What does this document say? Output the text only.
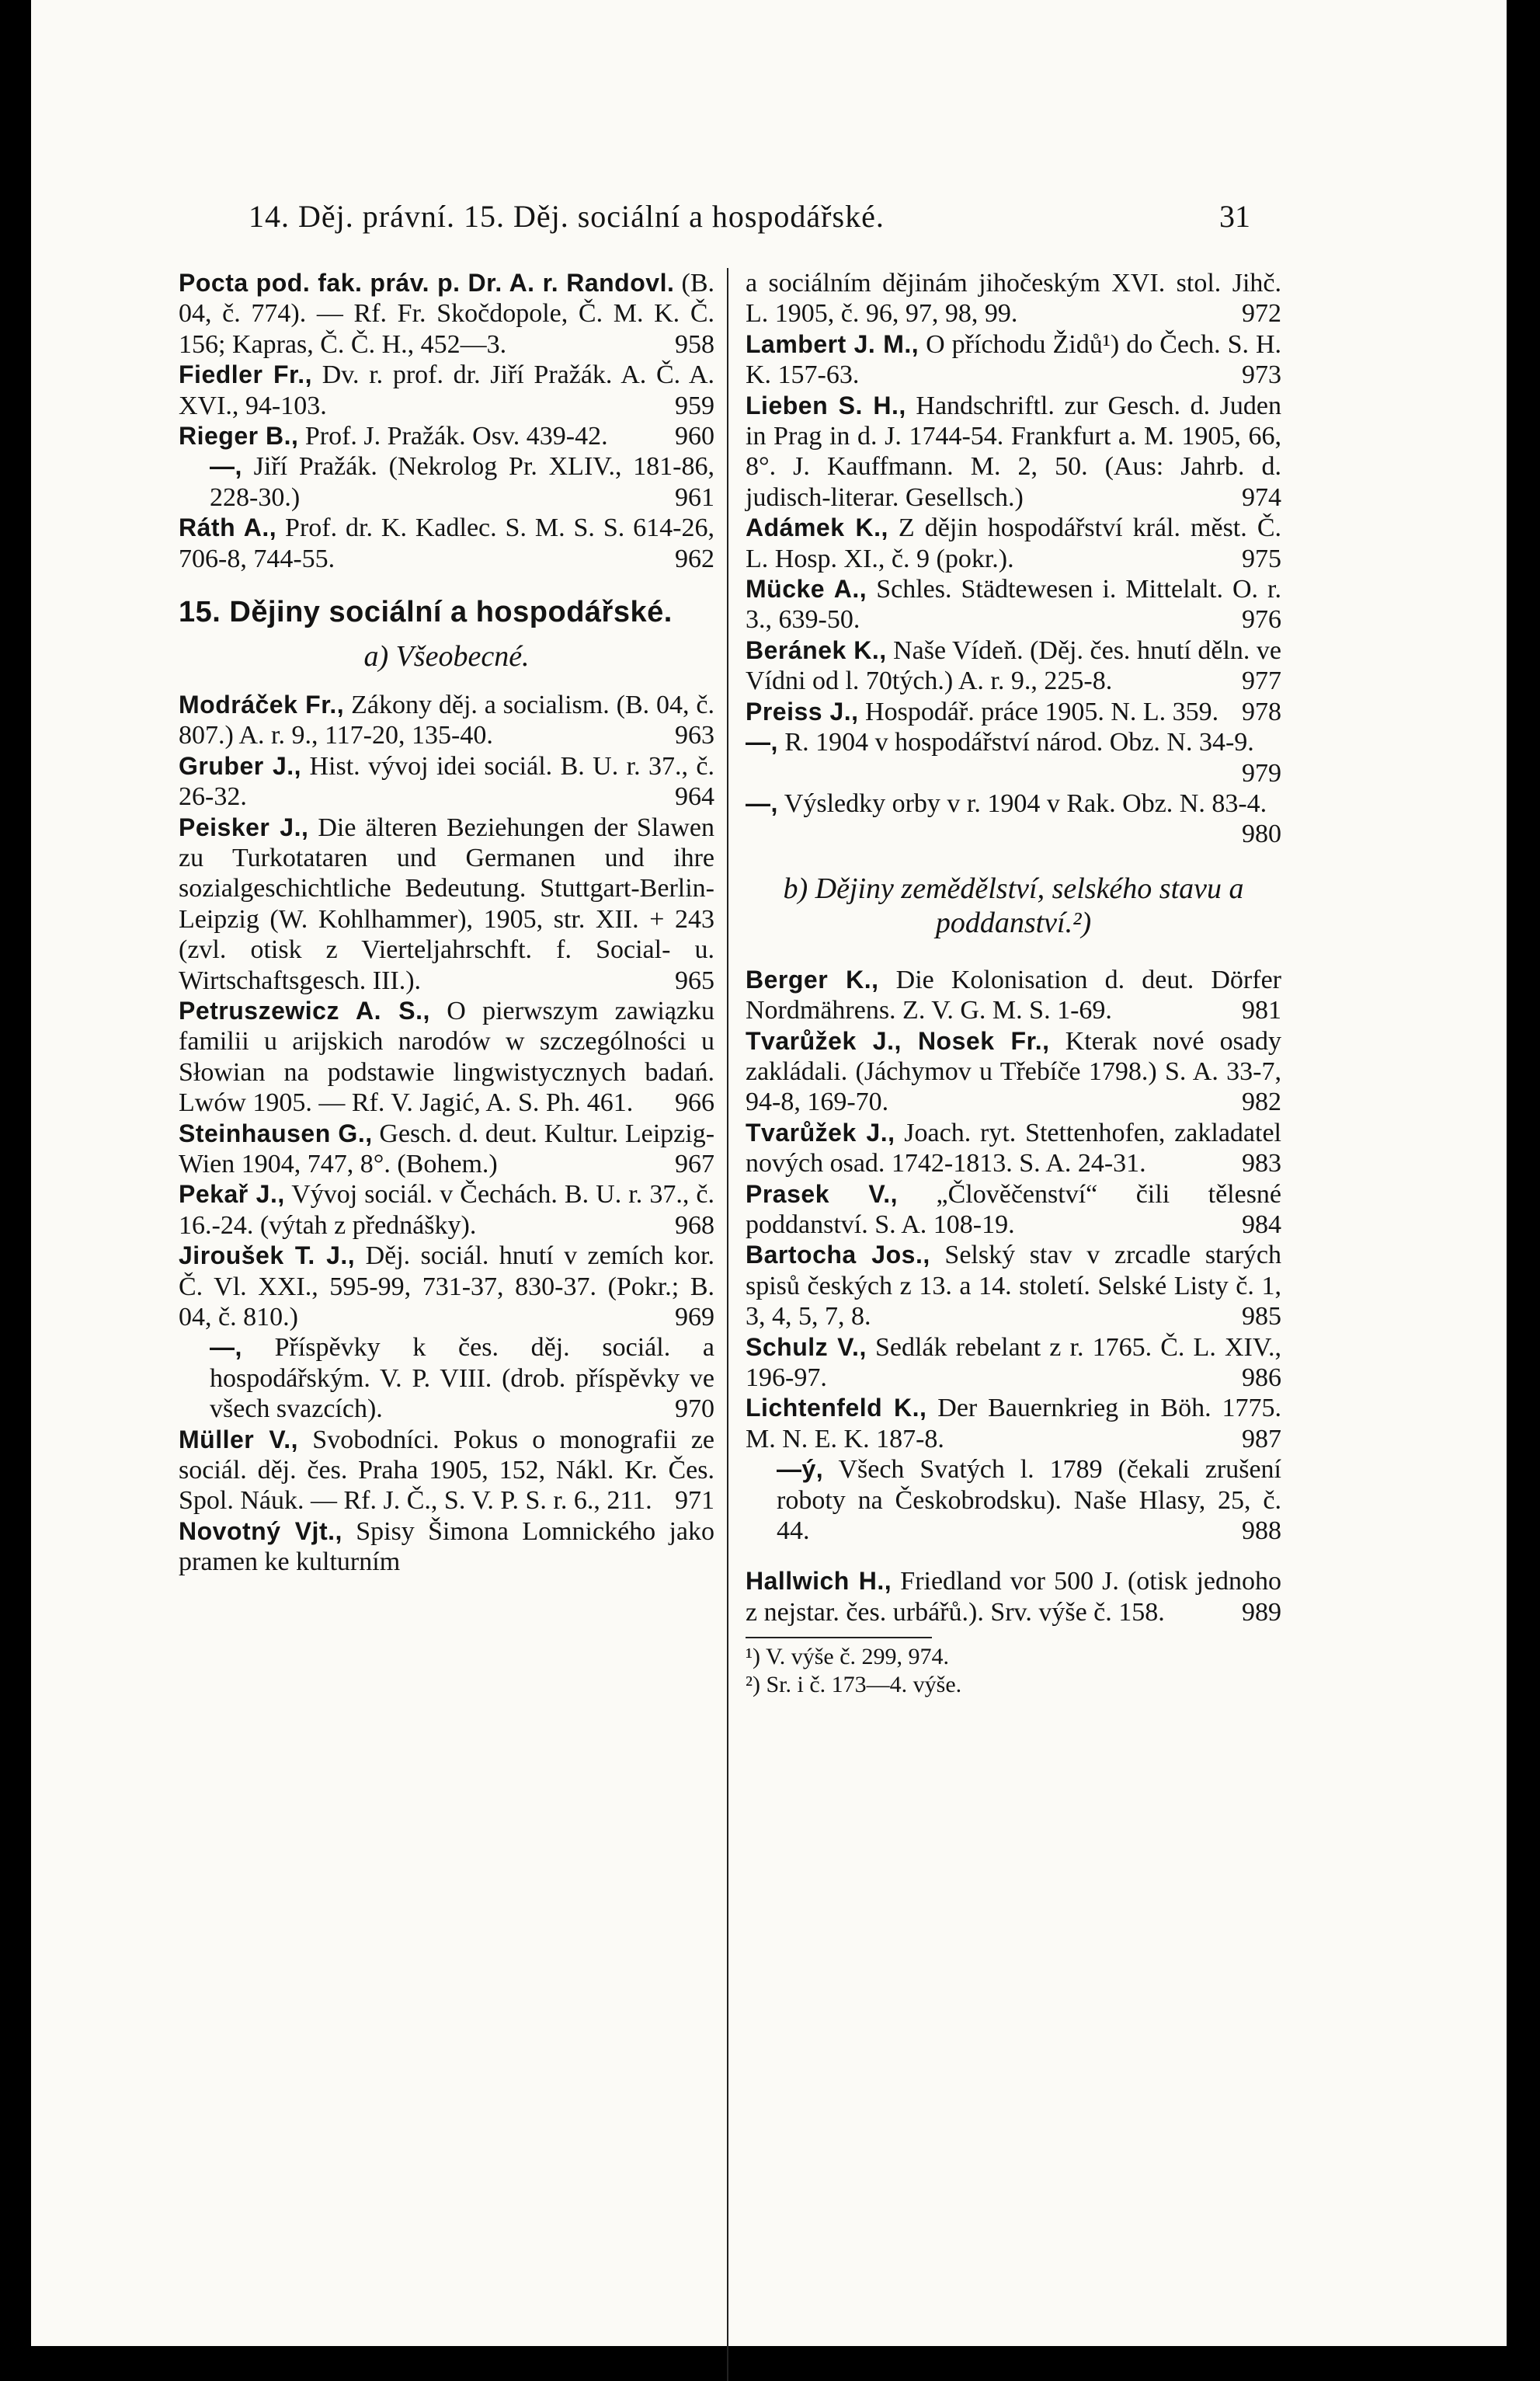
14. Děj. právní. 15. Děj. sociální a hospodářské.	31

Pocta pod. fak. práv. p. Dr. A. r. Randovl. (B. 04, č. 774). — Rf. Fr. Skočdopole, Č. M. K. Č. 156; Kapras, Č. Č. H., 452—3.	958

Fiedler Fr., Dv. r. prof. dr. Jiří Pražák. A. Č. A. XVI., 94-103.	959

Rieger B., Prof. J. Pražák. Osv. 439-42.	960

—, Jiří Pražák. (Nekrolog Pr. XLIV., 181-86, 228-30.)	961

Ráth A., Prof. dr. K. Kadlec. S. M. S. S. 614-26, 706-8, 744-55.	962

15. Dějiny sociální a hospodářské.
a) Všeobecné.

Modráček Fr., Zákony děj. a socialism. (B. 04, č. 807.) A. r. 9., 117-20, 135-40.	963

Gruber J., Hist. vývoj idei sociál. B. U. r. 37., č. 26-32.	964

Peisker J., Die älteren Beziehungen der Slawen zu Turkotataren und Germanen und ihre sozialgeschichtliche Bedeutung. Stuttgart-Berlin-Leipzig (W. Kohlhammer), 1905, str. XII. + 243 (zvl. otisk z Vierteljahrschft. f. Social- u. Wirtschaftsgesch. III.).	965

Petruszewicz A. S., O pierwszym zawiązku familii u arijskich narodów w szczególności u Słowian na podstawie lingwistycznych badań. Lwów 1905. — Rf. V. Jagić, A. S. Ph. 461. 966

Steinhausen G., Gesch. d. deut. Kultur. Leipzig-Wien 1904, 747, 8°. (Bohem.)	967

Pekař J., Vývoj sociál. v Čechách. B. U. r. 37., č. 16.-24. (výtah z přednášky).	968

Jiroušek T. J., Děj. sociál. hnutí v zemích kor. Č. Vl. XXI., 595-99, 731-37, 830-37. (Pokr.; B. 04, č. 810.)	969

—, Příspěvky k čes. děj. sociál. a hospodářským. V. P. VIII. (drob. příspěvky ve všech svazcích).	970

Müller V., Svobodníci. Pokus o monografii ze sociál. děj. čes. Praha 1905, 152, Nákl. Kr. Čes. Spol. Náuk. — Rf. J. Č., S. V. P. S. r. 6., 211. 971

Novotný Vjt., Spisy Šimona Lomnického jako pramen ke kulturním

a sociálním dějinám jihočeským XVI. stol. Jihč. L. 1905, č. 96, 97, 98, 99.	972

Lambert J. M., O příchodu Židů¹) do Čech. S. H. K. 157-63.	973

Lieben S. H., Handschriftl. zur Gesch. d. Juden in Prag in d. J. 1744-54. Frankfurt a. M. 1905, 66, 8°. J. Kauffmann. M. 2, 50. (Aus: Jahrb. d. judisch-literar. Gesellsch.)	974

Adámek K., Z dějin hospodářství král. měst. Č. L. Hosp. XI., č. 9 (pokr.).	975

Mücke A., Schles. Städtewesen i. Mittelalt. O. r. 3., 639-50.	976

Beránek K., Naše Vídeň. (Děj. čes. hnutí děln. ve Vídni od l. 70tých.) A. r. 9., 225-8.	977

Preiss J., Hospodář. práce 1905. N. L. 359. 978

—, R. 1904 v hospodářství národ. Obz. N. 34-9.
979

—, Výsledky orby v r. 1904 v Rak. Obz. N. 83-4.
980

b) Dějiny zemědělství, selského stavu a poddanství.²)

Berger K., Die Kolonisation d. deut. Dörfer Nordmährens. Z. V. G. M. S. 1-69.	981

Tvarůžek J., Nosek Fr., Kterak nové osady zakládali. (Jáchymov u Třebíče 1798.) S. A. 33-7, 94-8, 169-70.	982

Tvarůžek J., Joach. ryt. Stettenhofen, zakladatel nových osad. 1742-1813. S. A. 24-31.	983

Prasek V., „Člověčenství“ čili tělesné poddanství. S. A. 108-19.	984

Bartocha Jos., Selský stav v zrcadle starých spisů českých z 13. a 14. století. Selské Listy č. 1, 3, 4, 5, 7, 8.	985

Schulz V., Sedlák rebelant z r. 1765. Č. L. XIV., 196-97.	986

Lichtenfeld K., Der Bauernkrieg in Böh. 1775. M. N. E. K. 187-8.	987

—ý, Všech Svatých l. 1789 (čekali zrušení roboty na Českobrodsku). Naše Hlasy, 25, č. 44.	988

Hallwich H., Friedland vor 500 J. (otisk jednoho z nejstar. čes. urbářů.). Srv. výše č. 158.	989

¹) V. výše č. 299, 974.
²) Sr. i č. 173—4. výše.
